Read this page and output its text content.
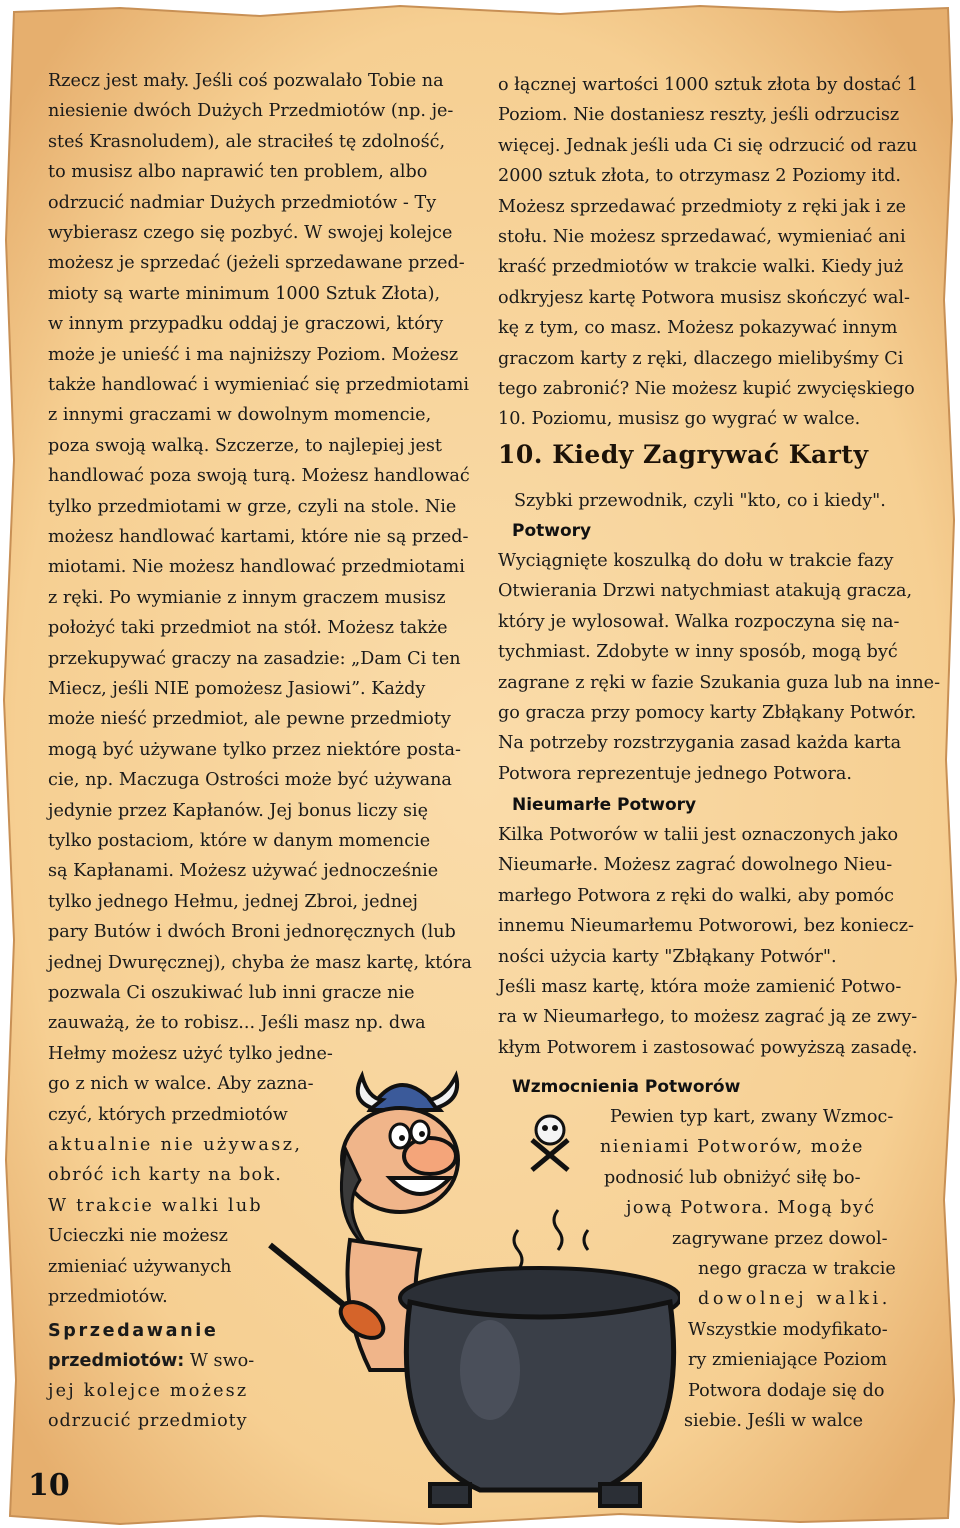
Rzecz jest mały. Jeśli coś pozwalało Tobie na
niesienie dwóch Dużych Przedmiotów (np. je-
steś Krasnoludem), ale straciłeś tę zdolność,
to musisz albo naprawić ten problem, albo
odrzucić nadmiar Dużych przedmiotów - Ty
wybierasz czego się pozbyć. W swojej kolejce
możesz je sprzedać (jeżeli sprzedawane przed-
mioty są warte minimum 1000 Sztuk Złota),
w innym przypadku oddaj je graczowi, który
może je unieść i ma najniższy Poziom. Możesz
także handlować i wymieniać się przedmiotami
z innymi graczami w dowolnym momencie,
poza swoją walką. Szczerze, to najlepiej jest
handlować poza swoją turą. Możesz handlować
tylko przedmiotami w grze, czyli na stole. Nie
możesz handlować kartami, które nie są przed-
miotami. Nie możesz handlować przedmiotami
z ręki. Po wymianie z innym graczem musisz
położyć taki przedmiot na stół. Możesz także
przekupywać graczy na zasadzie: „Dam Ci ten
Miecz, jeśli NIE pomożesz Jasiowi”. Każdy
może nieść przedmiot, ale pewne przedmioty
mogą być używane tylko przez niektóre posta-
cie, np. Maczuga Ostrości może być używana
jedynie przez Kapłanów. Jej bonus liczy się
tylko postaciom, które w danym momencie
są Kapłanami. Możesz używać jednocześnie
tylko jednego Hełmu, jednej Zbroi, jednej
pary Butów i dwóch Broni jednoręcznych (lub
jednej Dwuręcznej), chyba że masz kartę, która
pozwala Ci oszukiwać lub inni gracze nie
zauważą, że to robisz... Jeśli masz np. dwa
Hełmy możesz użyć tylko jedne-
go z nich w walce. Aby zazna-
czyć, których przedmiotów
aktualnie nie używasz,
obróć ich karty na bok.
W trakcie walki lub
Ucieczki nie możesz
zmieniać używanych
przedmiotów.
Sprzedawanie
przedmiotów: W swo-
jej kolejce możesz
odrzucić przedmioty
o łącznej wartości 1000 sztuk złota by dostać 1
Poziom. Nie dostaniesz reszty, jeśli odrzucisz
więcej. Jednak jeśli uda Ci się odrzucić od razu
2000 sztuk złota, to otrzymasz 2 Poziomy itd.
Możesz sprzedawać przedmioty z ręki jak i ze
stołu. Nie możesz sprzedawać, wymieniać ani
kraść przedmiotów w trakcie walki. Kiedy już
odkryjesz kartę Potwora musisz skończyć wal-
kę z tym, co masz. Możesz pokazywać innym
graczom karty z ręki, dlaczego mielibyśmy Ci
tego zabronić? Nie możesz kupić zwycięskiego
10. Poziomu, musisz go wygrać w walce.
10. Kiedy Zagrywać Karty
Szybki przewodnik, czyli "kto, co i kiedy".
Potwory
Wyciągnięte koszulką do dołu w trakcie fazy
Otwierania Drzwi natychmiast atakują gracza,
który je wylosował. Walka rozpoczyna się na-
tychmiast. Zdobyte w inny sposób, mogą być
zagrane z ręki w fazie Szukania guza lub na inne-
go gracza przy pomocy karty Zbłąkany Potwór.
Na potrzeby rozstrzygania zasad każda karta
Potwora reprezentuje jednego Potwora.
Nieumarłe Potwory
Kilka Potworów w talii jest oznaczonych jako
Nieumarłe. Możesz zagrać dowolnego Nieu-
marłego Potwora z ręki do walki, aby pomóc
innemu Nieumarłemu Potworowi, bez koniecz-
ności użycia karty "Zbłąkany Potwór".
Jeśli masz kartę, która może zamienić Potwo-
ra w Nieumarłego, to możesz zagrać ją ze zwy-
kłym Potworem i zastosować powyższą zasadę.
Wzmocnienia Potworów
Pewien typ kart, zwany Wzmoc-
nieniami Potworów, może
podnosić lub obniżyć siłę bo-
jową Potwora. Mogą być
zagrywane przez dowol-
nego gracza w trakcie
dowolnej walki.
Wszystkie modyfikato-
ry zmieniające Poziom
Potwora dodaje się do
siebie. Jeśli w walce
10
